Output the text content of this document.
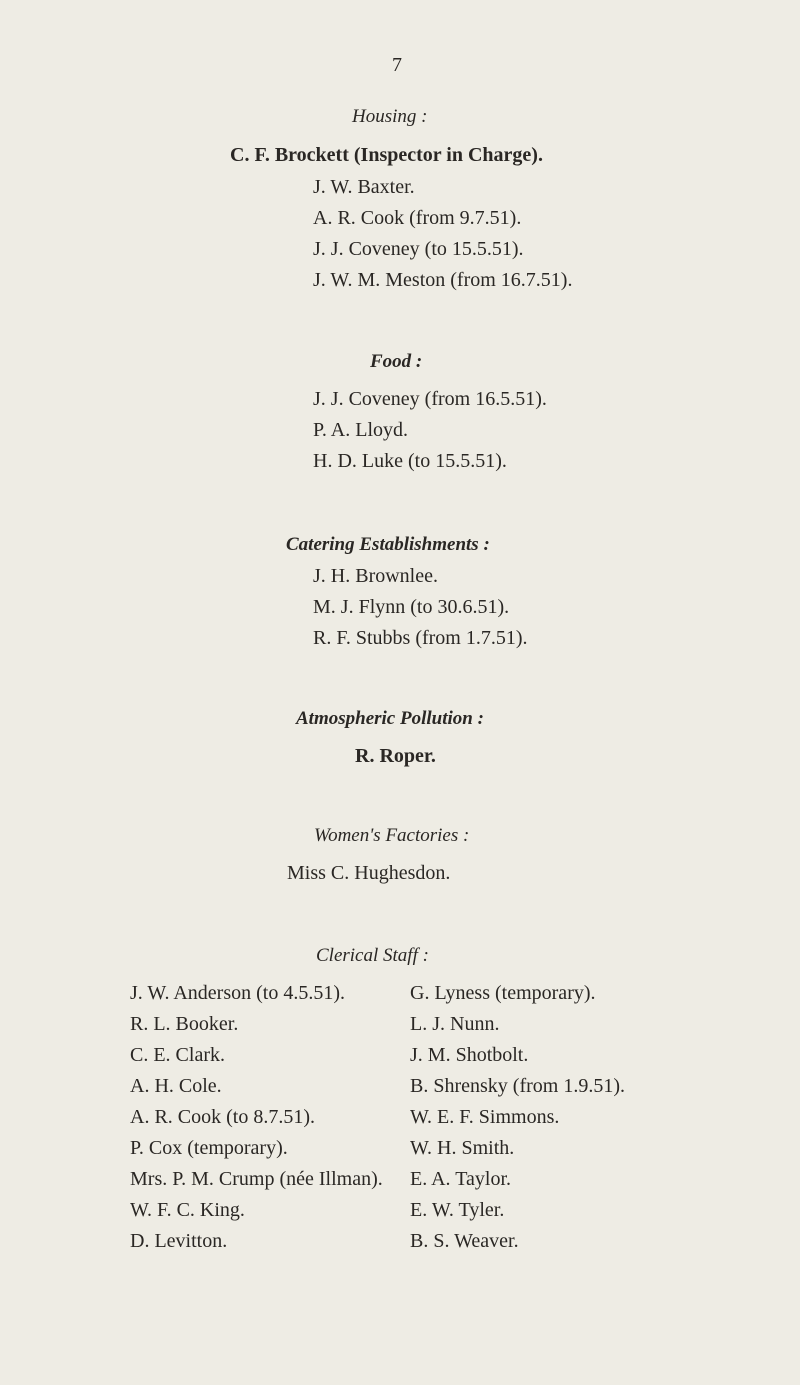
7
Housing :
C. F. Brockett (Inspector in Charge).
J. W. Baxter.
A. R. Cook (from 9.7.51).
J. J. Coveney (to 15.5.51).
J. W. M. Meston (from 16.7.51).
Food :
J. J. Coveney (from 16.5.51).
P. A. Lloyd.
H. D. Luke (to 15.5.51).
Catering Establishments :
J. H. Brownlee.
M. J. Flynn (to 30.6.51).
R. F. Stubbs (from 1.7.51).
Atmospheric Pollution :
R. Roper.
Women's Factories :
Miss C. Hughesdon.
Clerical Staff :
J. W. Anderson (to 4.5.51).
R. L. Booker.
C. E. Clark.
A. H. Cole.
A. R. Cook (to 8.7.51).
P. Cox (temporary).
Mrs. P. M. Crump (née Illman).
W. F. C. King.
D. Levitton.
G. Lyness (temporary).
L. J. Nunn.
J. M. Shotbolt.
B. Shrensky (from 1.9.51).
W. E. F. Simmons.
W. H. Smith.
E. A. Taylor.
E. W. Tyler.
B. S. Weaver.
